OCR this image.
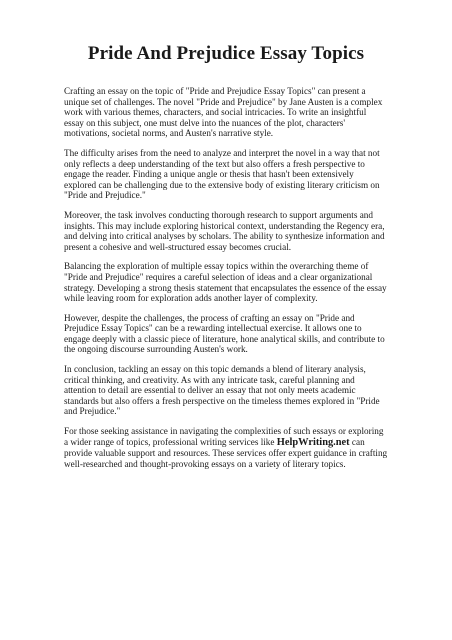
Pride And Prejudice Essay Topics

Crafting an essay on the topic of "Pride and Prejudice Essay Topics" can present a unique set of challenges. The novel "Pride and Prejudice" by Jane Austen is a complex work with various themes, characters, and social intricacies. To write an insightful essay on this subject, one must delve into the nuances of the plot, characters' motivations, societal norms, and Austen's narrative style.

The difficulty arises from the need to analyze and interpret the novel in a way that not only reflects a deep understanding of the text but also offers a fresh perspective to engage the reader. Finding a unique angle or thesis that hasn't been extensively explored can be challenging due to the extensive body of existing literary criticism on "Pride and Prejudice."

Moreover, the task involves conducting thorough research to support arguments and insights. This may include exploring historical context, understanding the Regency era, and delving into critical analyses by scholars. The ability to synthesize information and present a cohesive and well-structured essay becomes crucial.

Balancing the exploration of multiple essay topics within the overarching theme of "Pride and Prejudice" requires a careful selection of ideas and a clear organizational strategy. Developing a strong thesis statement that encapsulates the essence of the essay while leaving room for exploration adds another layer of complexity.

However, despite the challenges, the process of crafting an essay on "Pride and Prejudice Essay Topics" can be a rewarding intellectual exercise. It allows one to engage deeply with a classic piece of literature, hone analytical skills, and contribute to the ongoing discourse surrounding Austen's work.

In conclusion, tackling an essay on this topic demands a blend of literary analysis, critical thinking, and creativity. As with any intricate task, careful planning and attention to detail are essential to deliver an essay that not only meets academic standards but also offers a fresh perspective on the timeless themes explored in "Pride and Prejudice."

For those seeking assistance in navigating the complexities of such essays or exploring a wider range of topics, professional writing services like HelpWriting.net can provide valuable support and resources. These services offer expert guidance in crafting well-researched and thought-provoking essays on a variety of literary topics.
